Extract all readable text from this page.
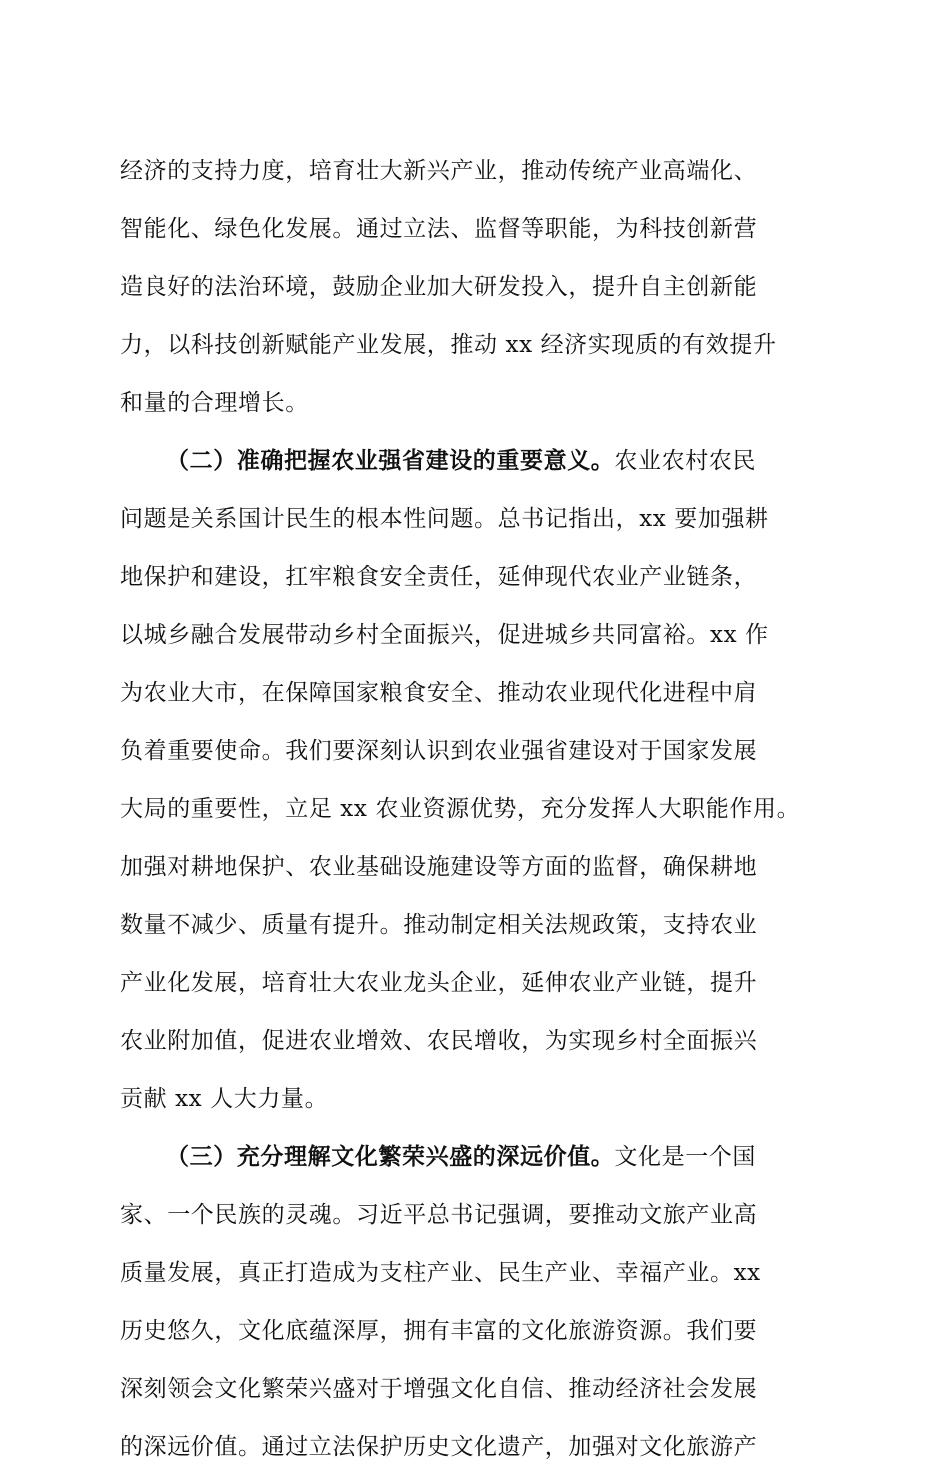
经济的支持力度，培育壮大新兴产业，推动传统产业高端化、
智能化、绿色化发展。通过立法、监督等职能，为科技创新营
造良好的法治环境，鼓励企业加大研发投入，提升自主创新能
力，以科技创新赋能产业发展，推动 xx 经济实现质的有效提升
和量的合理增长。
（二）准确把握农业强省建设的重要意义。农业农村农民
问题是关系国计民生的根本性问题。总书记指出，xx 要加强耕
地保护和建设，扛牢粮食安全责任，延伸现代农业产业链条，
以城乡融合发展带动乡村全面振兴，促进城乡共同富裕。xx 作
为农业大市，在保障国家粮食安全、推动农业现代化进程中肩
负着重要使命。我们要深刻认识到农业强省建设对于国家发展
大局的重要性，立足 xx 农业资源优势，充分发挥人大职能作用。
加强对耕地保护、农业基础设施建设等方面的监督，确保耕地
数量不减少、质量有提升。推动制定相关法规政策，支持农业
产业化发展，培育壮大农业龙头企业，延伸农业产业链，提升
农业附加值，促进农业增效、农民增收，为实现乡村全面振兴
贡献 xx 人大力量。
（三）充分理解文化繁荣兴盛的深远价值。文化是一个国
家、一个民族的灵魂。习近平总书记强调，要推动文旅产业高
质量发展，真正打造成为支柱产业、民生产业、幸福产业。xx
历史悠久，文化底蕴深厚，拥有丰富的文化旅游资源。我们要
深刻领会文化繁荣兴盛对于增强文化自信、推动经济社会发展
的深远价值。通过立法保护历史文化遗产，加强对文化旅游产
